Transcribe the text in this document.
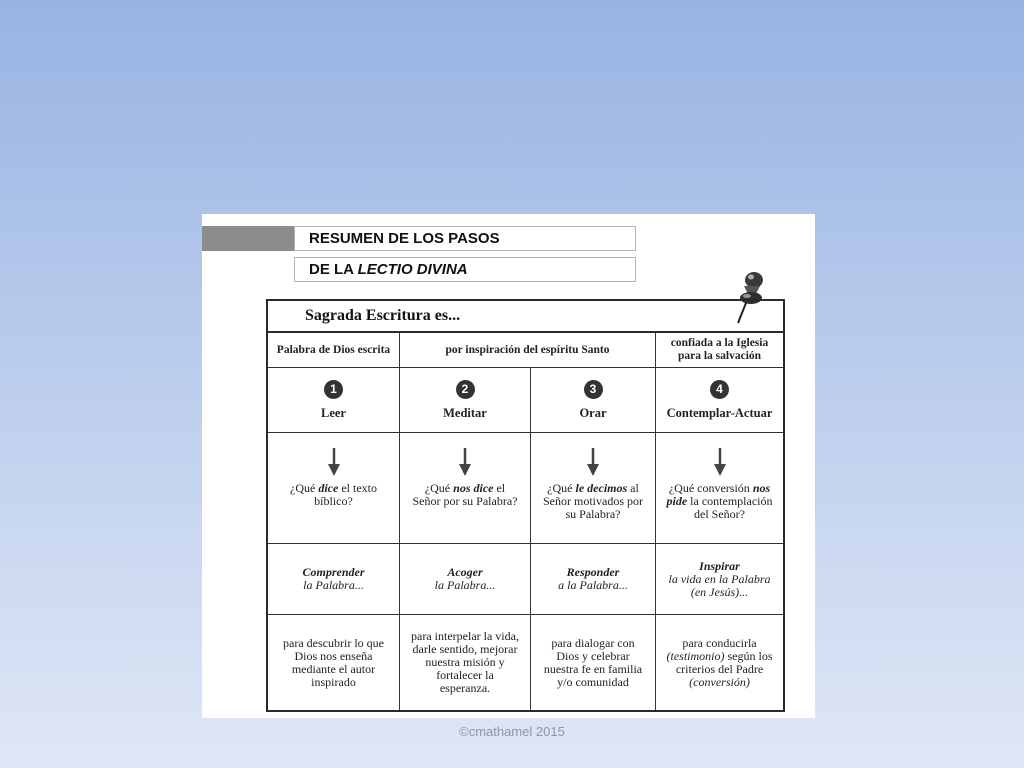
RESUMEN DE LOS PASOS
DE LA LECTIO DIVINA
Sagrada Escritura es...
Palabra de Dios escrita	por inspiración del espíritu Santo
confiada a la Iglesia
para la salvación
1
Leer
2
Meditar
3
Orar
4
Contemplar-Actuar
¿Qué dice el texto
bíblico?
¿Qué nos dice el
Señor por su Palabra?
¿Qué le decimos al
Señor motivados por
su Palabra?
¿Qué conversión nos
pide la contemplación
del Señor?
Comprender
la Palabra...
Acoger
la Palabra...
Responder
a la Palabra...
Inspirar
la vida en la Palabra
(en Jesús)...
para descubrir lo que
Dios nos enseña
mediante el autor
inspirado
para interpelar la vida,
darle sentido, mejorar
nuestra misión y
fortalecer la
esperanza.
para dialogar con
Dios y celebrar
nuestra fe en familia
y/o comunidad
para conducirla
(testimonio) según los
criterios del Padre
(conversión)
©cmathamel 2015
